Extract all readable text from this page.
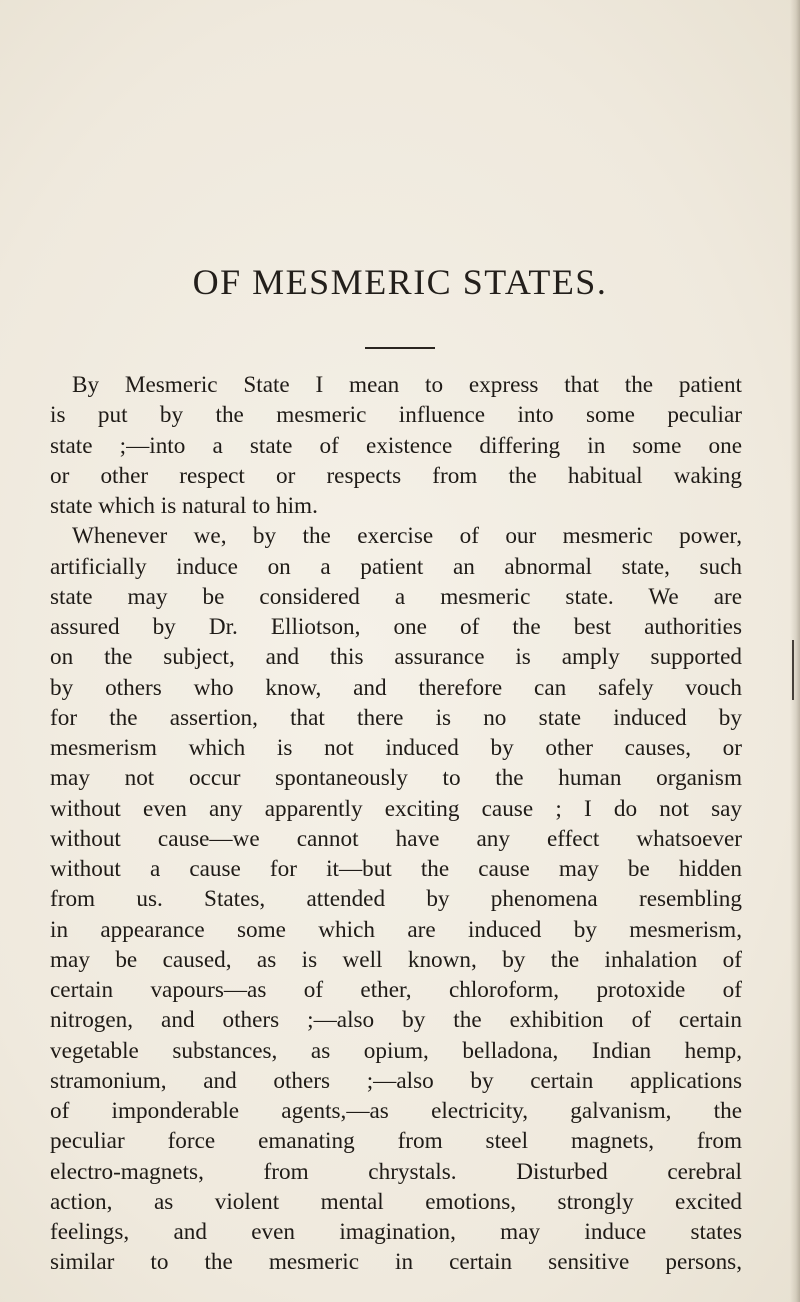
OF MESMERIC STATES.
By Mesmeric State I mean to express that the patient
is put by the mesmeric influence into some peculiar
state ;—into a state of existence differing in some one
or other respect or respects from the habitual waking
state which is natural to him.
Whenever we, by the exercise of our mesmeric power,
artificially induce on a patient an abnormal state, such
state may be considered a mesmeric state. We are
assured by Dr. Elliotson, one of the best authorities
on the subject, and this assurance is amply supported
by others who know, and therefore can safely vouch
for the assertion, that there is no state induced by
mesmerism which is not induced by other causes, or
may not occur spontaneously to the human organism
without even any apparently exciting cause ; I do not say
without cause—we cannot have any effect whatsoever
without a cause for it—but the cause may be hidden
from us. States, attended by phenomena resembling
in appearance some which are induced by mesmerism,
may be caused, as is well known, by the inhalation of
certain vapours—as of ether, chloroform, protoxide of
nitrogen, and others ;—also by the exhibition of certain
vegetable substances, as opium, belladona, Indian hemp,
stramonium, and others ;—also by certain applications
of imponderable agents,—as electricity, galvanism, the
peculiar force emanating from steel magnets, from
electro-magnets, from chrystals. Disturbed cerebral
action, as violent mental emotions, strongly excited
feelings, and even imagination, may induce states
similar to the mesmeric in certain sensitive persons,
